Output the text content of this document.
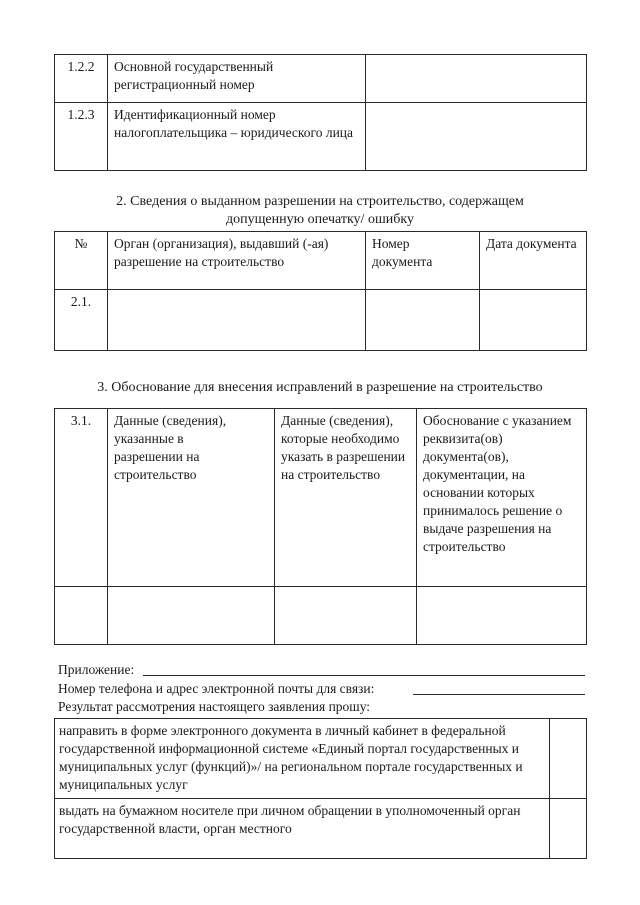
1.2.2	Основной государственный регистрационный номер	
1.2.3	Идентификационный номер налогоплательщика – юридического лица	
2. Сведения о выданном разрешении на строительство, содержащем
допущенную опечатку/ ошибку
№	Орган (организация), выдавший (-ая) разрешение на строительство	Номер документа	Дата документа
2.1.			
3. Обоснование для внесения исправлений в разрешение на строительство
3.1.	Данные (сведения), указанные в разрешении на строительство	Данные (сведения), которые необходимо указать в разрешении на строительство	Обоснование с указанием реквизита(ов) документа(ов), документации, на основании которых принималось решение о выдаче разрешения на строительство

Приложение:
Номер телефона и адрес электронной почты для связи:
Результат рассмотрения настоящего заявления прошу:
направить в форме электронного документа в личный кабинет в федеральной государственной информационной системе «Единый портал государственных и муниципальных услуг (функций)»/ на региональном портале государственных и муниципальных услуг	
выдать на бумажном носителе при личном обращении в уполномоченный орган государственной власти, орган местного	
